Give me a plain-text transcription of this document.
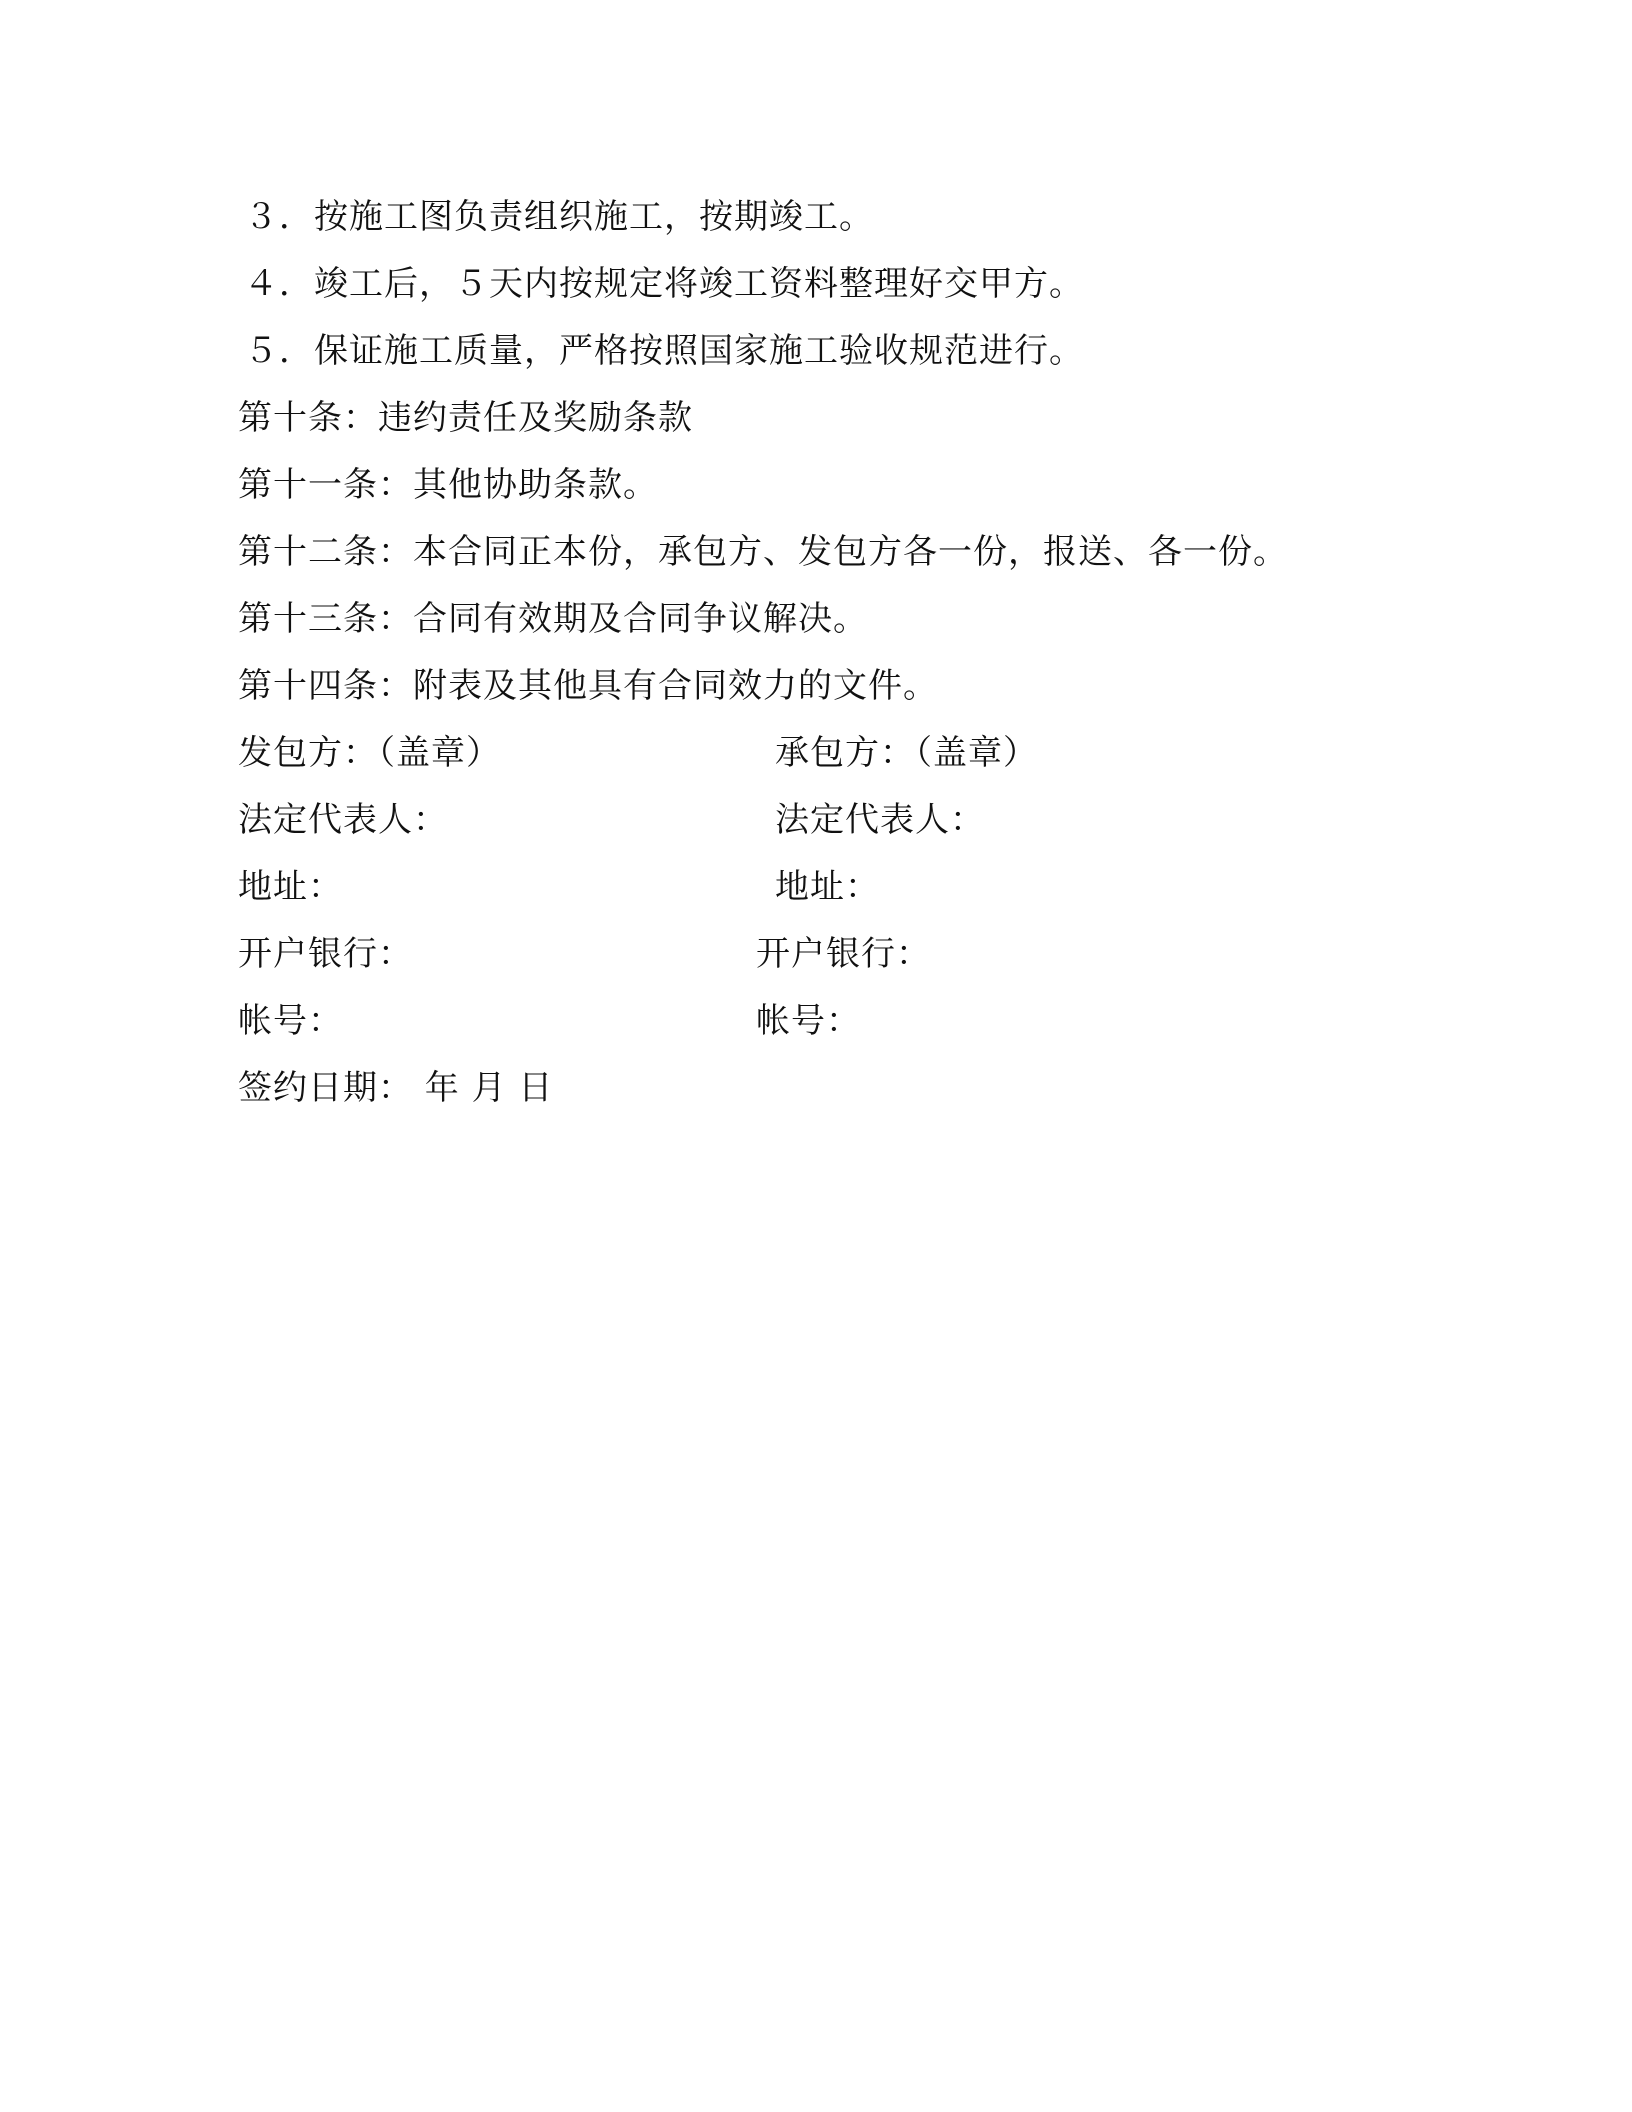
３．按施工图负责组织施工，按期竣工。
４．竣工后，５天内按规定将竣工资料整理好交甲方。
５．保证施工质量，严格按照国家施工验收规范进行。
第十条：违约责任及奖励条款
第十一条：其他协助条款。
第十二条：本合同正本份，承包方、发包方各一份，报送、各一份。
第十三条：合同有效期及合同争议解决。
第十四条：附表及其他具有合同效力的文件。
发包方：（盖章）	承包方：（盖章）
法定代表人：	法定代表人：
地址：	地址：
开户银行：	开户银行：
帐号：	帐号：
签约日期： 年 月 日
